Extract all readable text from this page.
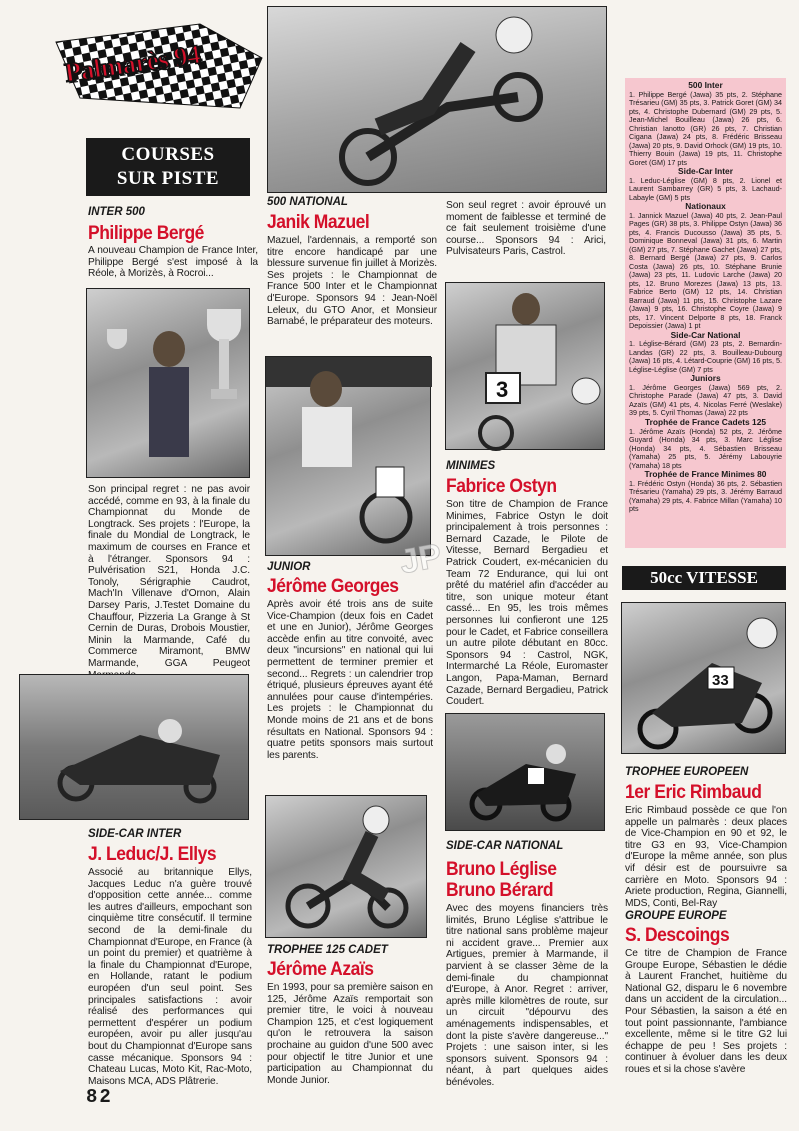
Palmarès 94
COURSES
SUR PISTE
INTER 500
Philippe Bergé
A nouveau Champion de France Inter, Philippe Bergé s'est imposé à la Réole, à Morizès, à Rocroi...
Son principal regret : ne pas avoir accédé, comme en 93, à la finale du Championnat du Monde de Longtrack. Ses projets : l'Europe, la finale du Mondial de Longtrack, le maximum de courses en France et à l'étranger. Sponsors 94 : Pulvérisation S21, Honda J.C. Tonoly, Sérigraphie Caudrot, Mach'In Villenave d'Ornon, Alain Darsey Paris, J.Testet Domaine du Chauffour, Pizzeria La Grange à St Cernin de Duras, Drobois Moustier, Minin la Marmande, Café du Commerce Miramont, BMW Marmande, GGA Peugeot
SIDE-CAR INTER
J. Leduc/J. Ellys
Associé au britannique Ellys, Jacques Leduc n'a guère trouvé d'opposition cette année... comme les autres d'ailleurs, empochant son cinquième titre consécutif. Il termine second de la demi-finale du Championnat d'Europe, en France (à un point du premier) et quatrième à la finale du Championnat d'Europe, en Hollande, ratant le podium européen d'un seul point. Ses principales satisfactions : avoir réalisé des performances qui permettent d'espérer un podium européen, avoir pu aller jusqu'au bout du Championnat d'Europe sans casse mécanique. Sponsors 94 : Chateau Lucas, Moto Kit, Rac-Moto, Maisons MCA, ADS Plâtrerie.
500 NATIONAL
Janik Mazuel
Mazuel, l'ardennais, a remporté son titre encore handicapé par une blessure survenue fin juillet à Morizès. Ses projets : le Championnat de France 500 Inter et le Championnat d'Europe. Sponsors 94 : Jean-Noël Leleux, du GTO Anor, et Monsieur Barnabé, le préparateur des moteurs.
JUNIOR
Jérôme Georges
Après avoir été trois ans de suite Vice-Champion (deux fois en Cadet et une en Junior), Jérôme Georges accède enfin au titre convoité, avec deux "incursions" en national qui lui permettent de terminer premier et second... Regrets : un calendrier trop étriqué, plusieurs épreuves ayant été annulées pour cause d'intempéries. Les projets : le Championnat du Monde moins de 21 ans et de bons résultats en National. Sponsors 94 : quatre petits sponsors mais surtout les parents.
TROPHEE 125 CADET
Jérôme Azaïs
En 1993, pour sa première saison en 125, Jérôme Azaïs remportait son premier titre, le voici à nouveau Champion 125, et c'est logiquement qu'on le retrouvera la saison prochaine au guidon d'une 500 avec pour objectif le titre Junior et une participation au Championnat du Monde Junior.
Son seul regret : avoir éprouvé un moment de faiblesse et terminé de ce fait seulement troisième d'une course... Sponsors 94 : Arici, Pulvisateurs Paris, Castrol.
3
MINIMES
Fabrice Ostyn
Son titre de Champion de France Minimes, Fabrice Ostyn le doit principalement à trois personnes : Bernard Cazade, le Pilote de Vitesse, Bernard Bergadieu et Patrick Coudert, ex-mécanicien du Team 72 Endurance, qui lui ont prêté du matériel afin d'accéder au titre, son unique moteur étant cassé... En 95, les trois mêmes personnes lui confieront une 125 pour le Cadet, et Fabrice conseillera un autre pilote débutant en 80cc. Sponsors 94 : Castrol, NGK, Intermarché La Réole, Euromaster Langon, Papa-Maman, Bernard Cazade, Bernard Bergadieu, Patrick Coudert.
SIDE-CAR NATIONAL
Bruno Léglise
Bruno Bérard
Avec des moyens financiers très limités, Bruno Léglise s'attribue le titre national sans problème majeur ni accident grave... Premier aux Artigues, premier à Marmande, il parvient à se classer 3ème de la demi-finale du championnat d'Europe, à Anor. Regret : arriver, après mille kilomètres de route, sur un circuit "dépourvu des aménagements indispensables, et dont la piste s'avère dangereuse..." Projets : une saison inter, si les sponsors suivent. Sponsors 94 : néant, à part quelques aides bénévoles.
500 Inter
1. Philippe Bergé (Jawa) 35 pts, 2. Stéphane Trésarieu (GM) 35 pts, 3. Patrick Goret (GM) 34 pts, 4. Christophe Dubernard (GM) 29 pts, 5. Jean-Michel Bouilleau (Jawa) 26 pts, 6. Christian Ianotto (GR) 26 pts, 7. Christian Cigana (Jawa) 24 pts, 8. Frédéric Brisseau (Jawa) 20 pts, 9. David Orhock (GM) 19 pts, 10. Thierry Bouin (Jawa) 19 pts, 11. Christophe Goret (GM) 17 pts
Side-Car Inter
1. Leduc-Léglise (GM) 8 pts, 2. Lionel et Laurent Sambarrey (GR) 5 pts, 3. Lachaud-Labayle (GM) 5 pts
Nationaux
1. Jannick Mazuel (Jawa) 40 pts, 2. Jean-Paul Pages (GR) 38 pts, 3. Philippe Ostyn (Jawa) 36 pts, 4. Francis Ducousso (Jawa) 35 pts, 5. Dominique Bonneval (Jawa) 31 pts, 6. Martin (GM) 27 pts, 7. Stéphane Gachet (Jawa) 27 pts, 8. Bernard Bergé (Jawa) 27 pts, 9. Carlos Costa (Jawa) 26 pts, 10. Stéphane Brunie (Jawa) 23 pts, 11. Ludovic Larche (Jawa) 20 pts, 12. Bruno Morezes (Jawa) 13 pts, 13. Fabrice Berto (GM) 12 pts, 14. Christian Barraud (Jawa) 11 pts, 15. Christophe Lazare (Jawa) 9 pts, 16. Christophe Coyre (Jawa) 9 pts, 17. Vincent Delporte 8 pts, 18. Franck Depoissier (Jawa) 1 pt
Side-Car National
1. Léglise-Bérard (GM) 23 pts, 2. Bernardin-Landas (GR) 22 pts, 3. Bouilleau-Dubourg (Jawa) 16 pts, 4. Létard-Couprie (GM) 16 pts, 5. Léglise-Léglise (GM) 7 pts
Juniors
1. Jérôme Georges (Jawa) 569 pts, 2. Christophe Parade (Jawa) 47 pts, 3. David Azaïs (GM) 41 pts, 4. Nicolas Ferré (Weslake) 39 pts, 5. Cyril Thomas (Jawa) 22 pts
Trophée de France Cadets 125
1. Jérôme Azaïs (Honda) 52 pts, 2. Jérôme Guyard (Honda) 34 pts, 3. Marc Léglise (Honda) 34 pts, 4. Sébastien Brisseau (Yamaha) 25 pts, 5. Jérémy Labouyrie (Yamaha) 18 pts
Trophée de France Minimes 80
1. Frédéric Ostyn (Honda) 36 pts, 2. Sébastien Trésarieu (Yamaha) 29 pts, 3. Jérémy Barraud (Yamaha) 29 pts, 4. Fabrice Millan (Yamaha) 10 pts
50cc VITESSE
33
TROPHEE EUROPEEN
1er Eric Rimbaud
Eric Rimbaud possède ce que l'on appelle un palmarès : deux places de Vice-Champion en 90 et 92, le titre G3 en 93, Vice-Champion d'Europe la même année, son plus vif désir est de poursuivre sa carrière en Moto. Sponsors 94 : Ariete production, Regina, Giannelli, MDS, Conti, Bel-Ray
GROUPE EUROPE
S. Descoings
Ce titre de Champion de France Groupe Europe, Sébastien le dédie à Laurent Franchet, huitième du National G2, disparu le 6 novembre dans un accident de la circulation... Pour Sébastien, la saison a été en tout point passionnante, l'ambiance excellente, même si le titre G2 lui échappe de peu ! Ses projets : continuer à évoluer dans les deux roues et si la chose s'avère
JP
82
